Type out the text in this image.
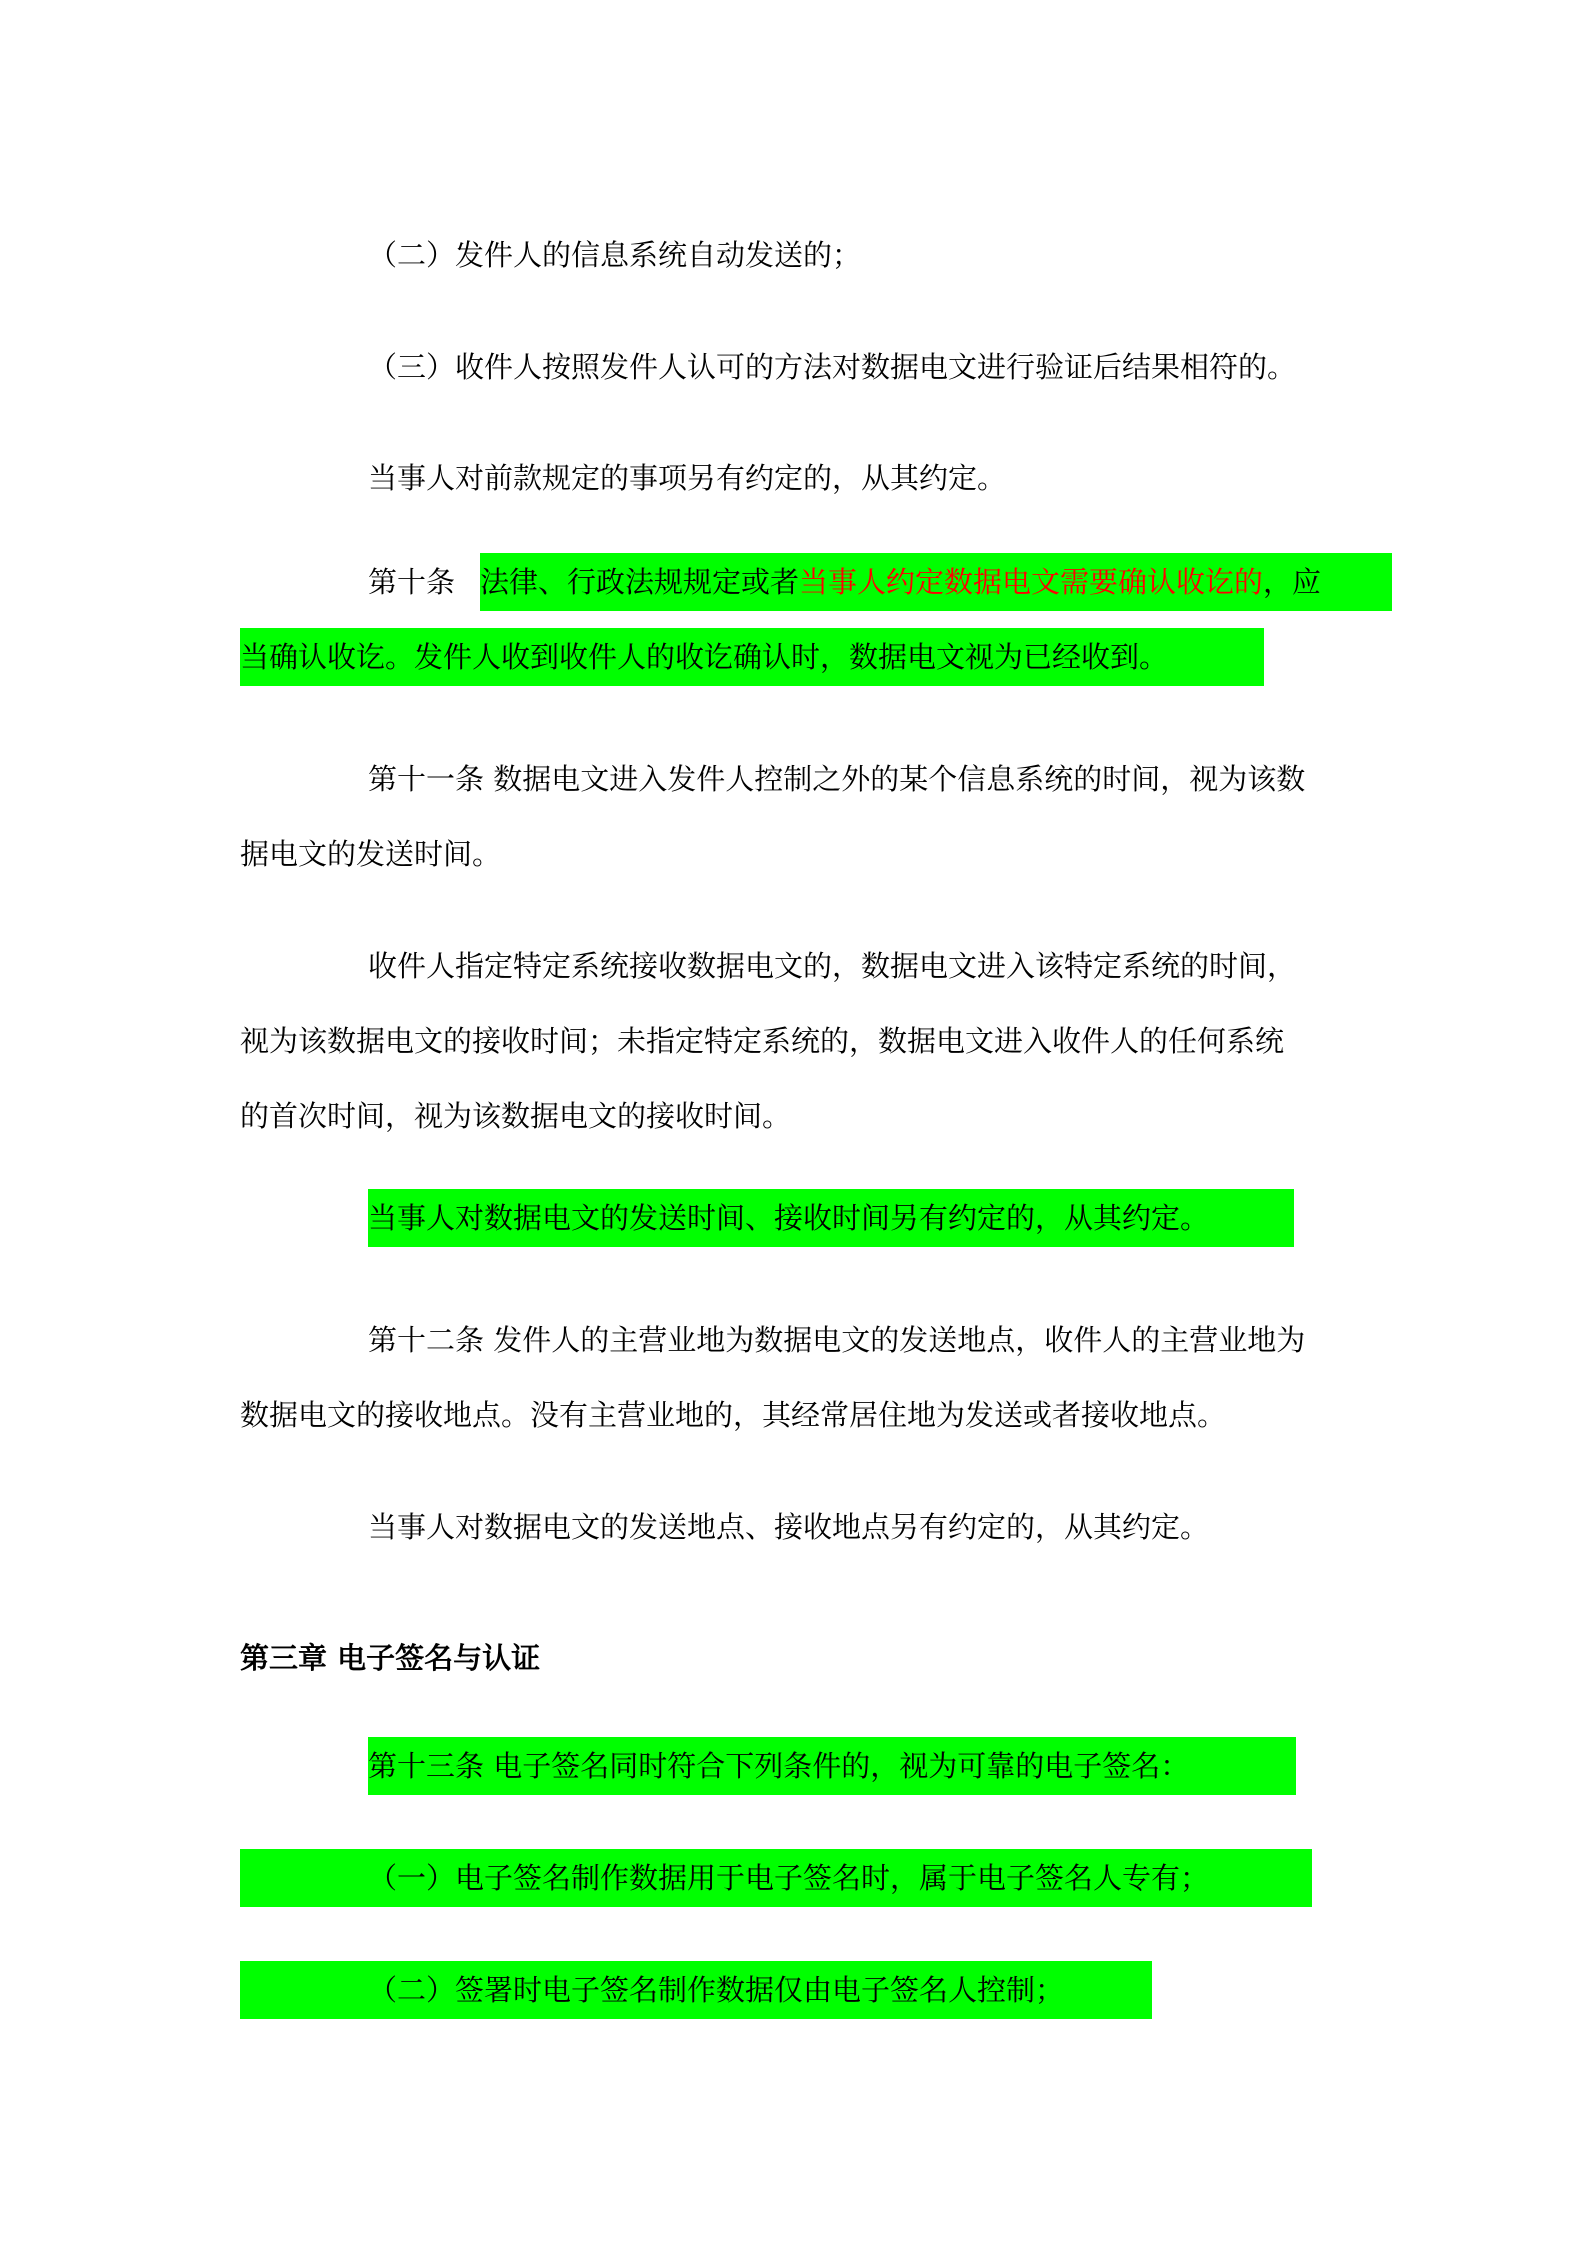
（二）发件人的信息系统自动发送的；
（三）收件人按照发件人认可的方法对数据电文进行验证后结果相符的。
当事人对前款规定的事项另有约定的，从其约定。
第十条 法律、行政法规规定或者当事人约定数据电文需要确认收讫的，应
当确认收讫。发件人收到收件人的收讫确认时，数据电文视为已经收到。
第十一条 数据电文进入发件人控制之外的某个信息系统的时间，视为该数
据电文的发送时间。
收件人指定特定系统接收数据电文的，数据电文进入该特定系统的时间，
视为该数据电文的接收时间；未指定特定系统的，数据电文进入收件人的任何系统
的首次时间，视为该数据电文的接收时间。
当事人对数据电文的发送时间、接收时间另有约定的，从其约定。
第十二条 发件人的主营业地为数据电文的发送地点，收件人的主营业地为
数据电文的接收地点。没有主营业地的，其经常居住地为发送或者接收地点。
当事人对数据电文的发送地点、接收地点另有约定的，从其约定。
第三章 电子签名与认证
第十三条 电子签名同时符合下列条件的，视为可靠的电子签名：
（一）电子签名制作数据用于电子签名时，属于电子签名人专有；
（二）签署时电子签名制作数据仅由电子签名人控制；
